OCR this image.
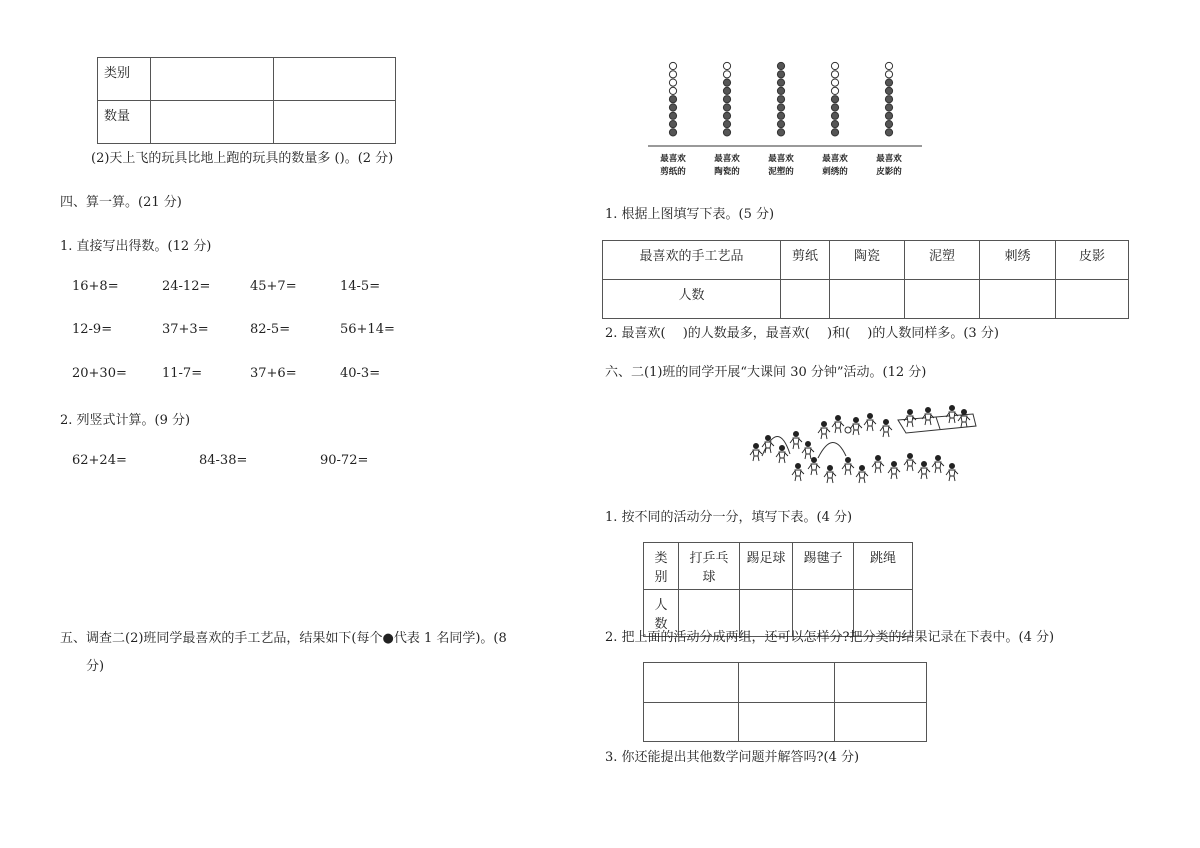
类别		
数量		
(2)天上飞的玩具比地上跑的玩具的数量多 ()。(2 分)
四、算一算。(21 分)
1. 直接写出得数。(12 分)
16+8=	24-12=	45+7=	14-5=
12-9=	37+3=	82-5=	56+14=
20+30=	11-7=	37+6=	40-3=
2. 列竖式计算。(9 分)
62+24=	84-38=	90-72=
五、调查二(2)班同学最喜欢的手工艺品，结果如下(每个●代表 1 名同学)。(8
分)
最喜欢
剪纸的
最喜欢
陶瓷的
最喜欢
泥塑的
最喜欢
刺绣的
最喜欢
皮影的
1. 根据上图填写下表。(5 分)
最喜欢的手工艺品	剪纸	陶瓷	泥塑	刺绣	皮影
人数					
2. 最喜欢(　 )的人数最多，最喜欢(　 )和(　 )的人数同样多。(3 分)
六、二(1)班的同学开展“大课间 30 分钟”活动。(12 分)
1. 按不同的活动分一分，填写下表。(4 分)
类别	打乒乓球	踢足球	踢毽子	跳绳
人数				
2. 把上面的活动分成两组，还可以怎样分?把分类的结果记录在下表中。(4 分)

3. 你还能提出其他数学问题并解答吗?(4 分)
